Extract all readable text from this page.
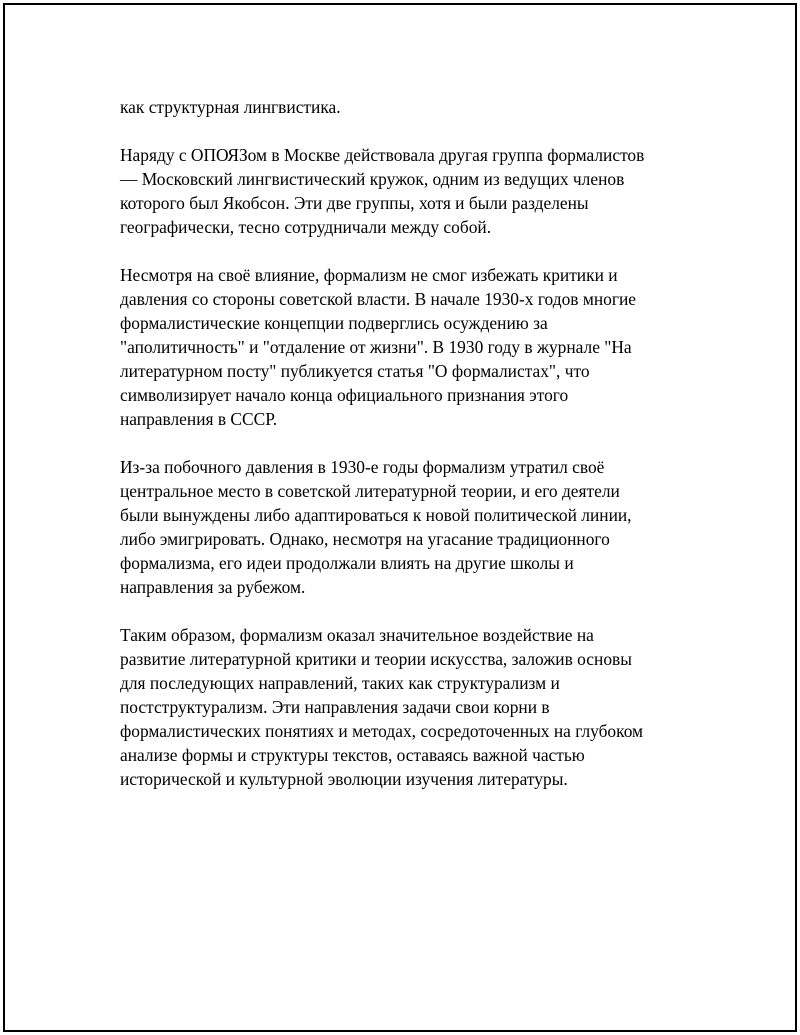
как структурная лингвистика.

Наряду с ОПОЯЗом в Москве действовала другая группа формалистов
— Московский лингвистический кружок, одним из ведущих членов
которого был Якобсон. Эти две группы, хотя и были разделены
географически, тесно сотрудничали между собой.

Несмотря на своё влияние, формализм не смог избежать критики и
давления со стороны советской власти. В начале 1930-х годов многие
формалистические концепции подверглись осуждению за
"аполитичность" и "отдаление от жизни". В 1930 году в журнале "На
литературном посту" публикуется статья "О формалистах", что
символизирует начало конца официального признания этого
направления в СССР.

Из-за побочного давления в 1930-е годы формализм утратил своё
центральное место в советской литературной теории, и его деятели
были вынуждены либо адаптироваться к новой политической линии,
либо эмигрировать. Однако, несмотря на угасание традиционного
формализма, его идеи продолжали влиять на другие школы и
направления за рубежом.

Таким образом, формализм оказал значительное воздействие на
развитие литературной критики и теории искусства, заложив основы
для последующих направлений, таких как структурализм и
постструктурализм. Эти направления задачи свои корни в
формалистических понятиях и методах, сосредоточенных на глубоком
анализе формы и структуры текстов, оставаясь важной частью
исторической и культурной эволюции изучения литературы.
